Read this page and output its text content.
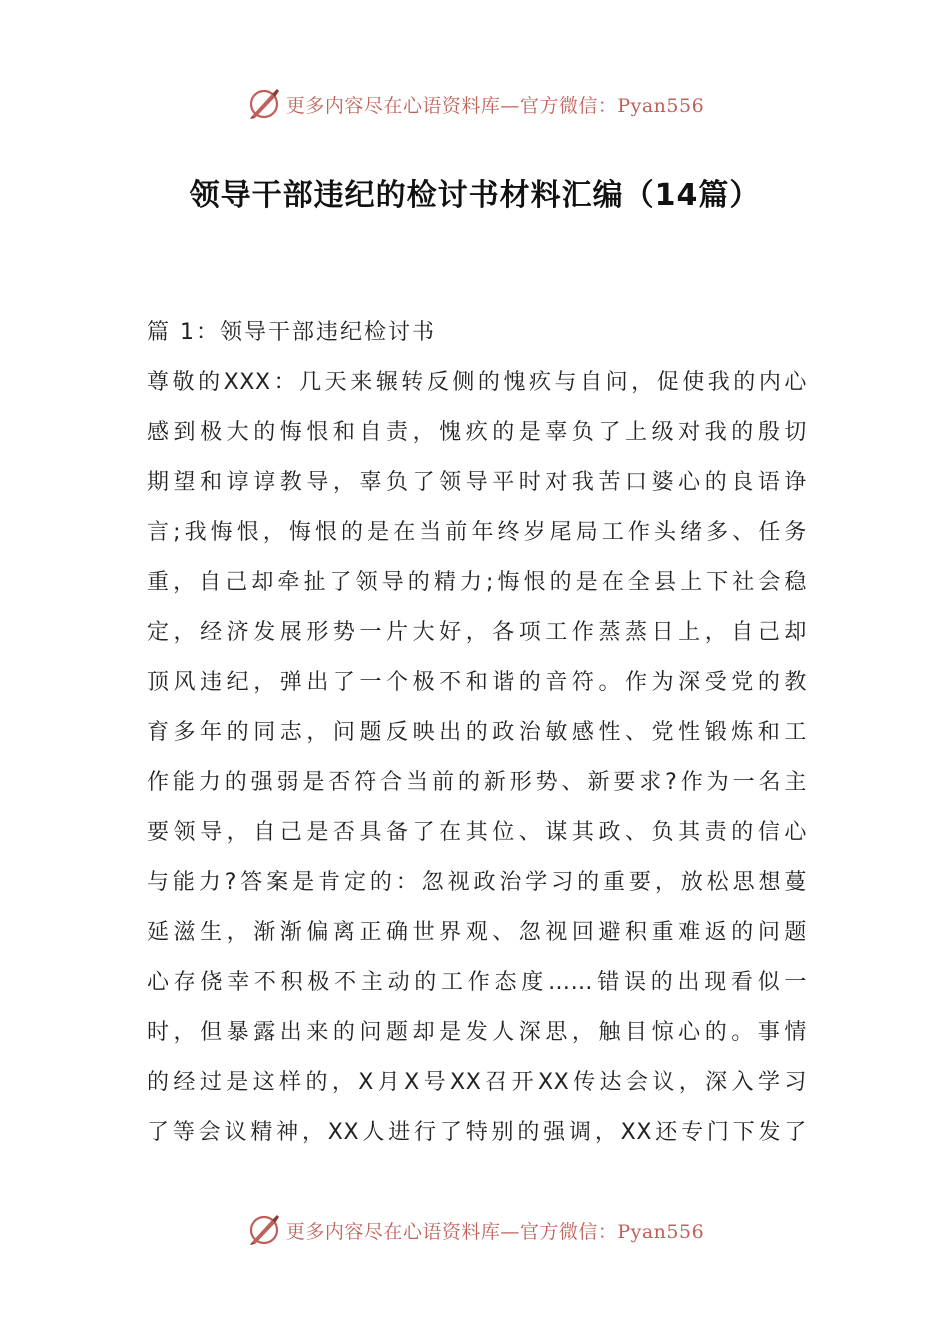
更多内容尽在心语资料库—官方微信：Pyan556
领导干部违纪的检讨书材料汇编（14篇）
篇 1：领导干部违纪检讨书
尊敬的XXX：几天来辗转反侧的愧疚与自问，促使我的内心
感到极大的悔恨和自责，愧疚的是辜负了上级对我的殷切
期望和谆谆教导，辜负了领导平时对我苦口婆心的良语诤
言;我悔恨，悔恨的是在当前年终岁尾局工作头绪多、任务
重，自己却牵扯了领导的精力;悔恨的是在全县上下社会稳
定，经济发展形势一片大好，各项工作蒸蒸日上，自己却
顶风违纪，弹出了一个极不和谐的音符。作为深受党的教
育多年的同志，问题反映出的政治敏感性、党性锻炼和工
作能力的强弱是否符合当前的新形势、新要求?作为一名主
要领导，自己是否具备了在其位、谋其政、负其责的信心
与能力?答案是肯定的：忽视政治学习的重要，放松思想蔓
延滋生，渐渐偏离正确世界观、忽视回避积重难返的问题
心存侥幸不积极不主动的工作态度……错误的出现看似一
时，但暴露出来的问题却是发人深思，触目惊心的。事情
的经过是这样的，X月X号XX召开XX传达会议，深入学习
了等会议精神，XX人进行了特别的强调，XX还专门下发了
更多内容尽在心语资料库—官方微信：Pyan556
